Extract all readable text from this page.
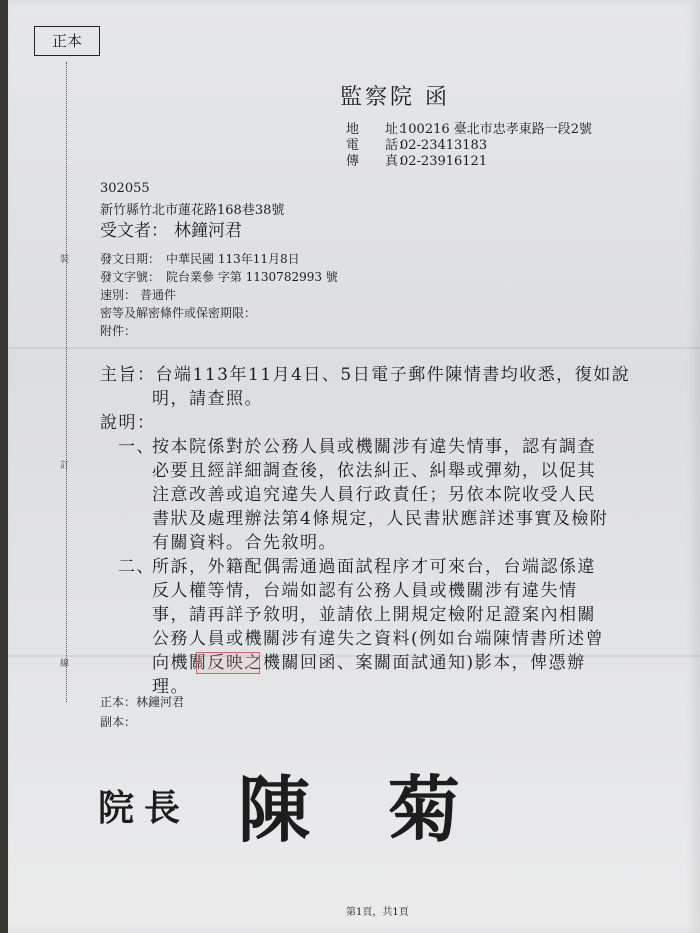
正本
裝
訂
線
監察院 函
地　　址：100216 臺北市忠孝東路一段2號
電　　話：02-23413183
傳　　真：02-23916121
302055
新竹縣竹北市蓮花路168巷38號
受文者： 林鐘河君
發文日期： 中華民國 113年11月8日
發文字號： 院台業參 字第 1130782993 號
速別： 普通件
密等及解密條件或保密期限：
附件：
主旨：台端113年11月4日、5日電子郵件陳情書均收悉，復如說
明，請查照。
說明：
一、
按本院係對於公務人員或機關涉有違失情事，認有調查
必要且經詳細調查後，依法糾正、糾舉或彈劾，以促其
注意改善或追究違失人員行政責任；另依本院收受人民
書狀及處理辦法第4條規定，人民書狀應詳述事實及檢附
有關資料。合先敘明。
二、
所訴，外籍配偶需通過面試程序才可來台，台端認係違
反人權等情，台端如認有公務人員或機關涉有違失情
事，請再詳予敘明，並請依上開規定檢附足證案內相關
公務人員或機關涉有違失之資料(例如台端陳情書所述曾
向機關反映之機關回函、案關面試通知)影本，俾憑辦
理。
正本：林鐘河君
副本：
院長 陳 菊
第1頁，共1頁
